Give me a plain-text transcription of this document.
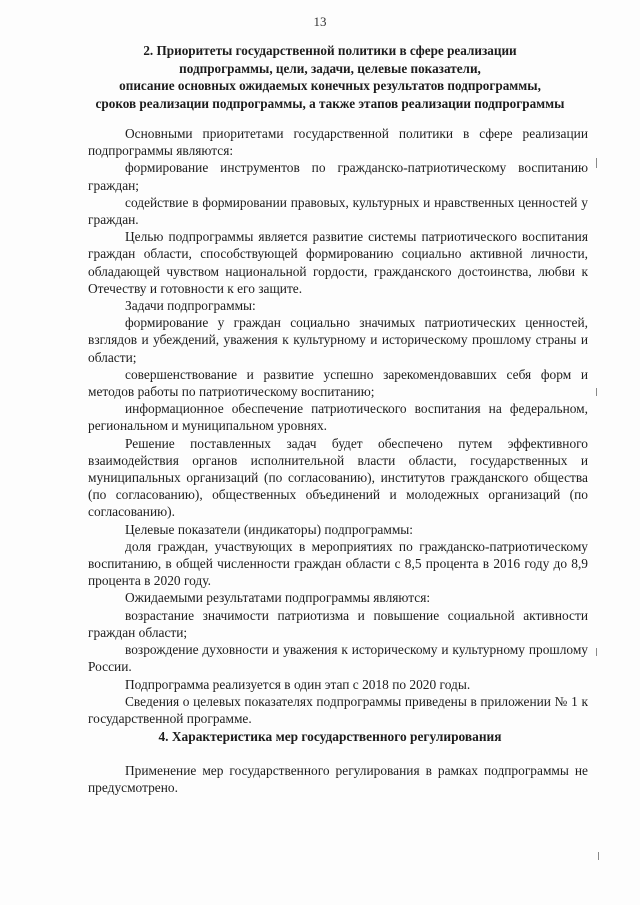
13
2. Приоритеты государственной политики в сфере реализации
подпрограммы, цели, задачи, целевые показатели,
описание основных ожидаемых конечных результатов подпрограммы,
сроков реализации подпрограммы, а также этапов реализации подпрограммы

Основными приоритетами государственной политики в сфере реализации подпрограммы являются:

формирование инструментов по гражданско-патриотическому воспитанию граждан;

содействие в формировании правовых, культурных и нравственных ценностей у граждан.

Целью подпрограммы является развитие системы патриотического воспитания граждан области, способствующей формированию социально активной личности, обладающей чувством национальной гордости, гражданского достоинства, любви к Отечеству и готовности к его защите.

Задачи подпрограммы:

формирование у граждан социально значимых патриотических ценностей, взглядов и убеждений, уважения к культурному и историческому прошлому страны и области;

совершенствование и развитие успешно зарекомендовавших себя форм и методов работы по патриотическому воспитанию;

информационное обеспечение патриотического воспитания на федеральном, региональном и муниципальном уровнях.

Решение поставленных задач будет обеспечено путем эффективного взаимодействия органов исполнительной власти области, государственных и муниципальных организаций (по согласованию), институтов гражданского общества (по согласованию), общественных объединений и молодежных организаций (по согласованию).

Целевые показатели (индикаторы) подпрограммы:

доля граждан, участвующих в мероприятиях по гражданско-патриотическому воспитанию, в общей численности граждан области с 8,5 процента в 2016 году до 8,9 процента в 2020 году.

Ожидаемыми результатами подпрограммы являются:

возрастание значимости патриотизма и повышение социальной активности граждан области;

возрождение духовности и уважения к историческому и культурному прошлому России.

Подпрограмма реализуется в один этап с 2018 по 2020 годы.

Сведения о целевых показателях подпрограммы приведены в приложении № 1 к государственной программе.

4. Характеристика мер государственного регулирования

Применение мер государственного регулирования в рамках подпрограммы не предусмотрено.
